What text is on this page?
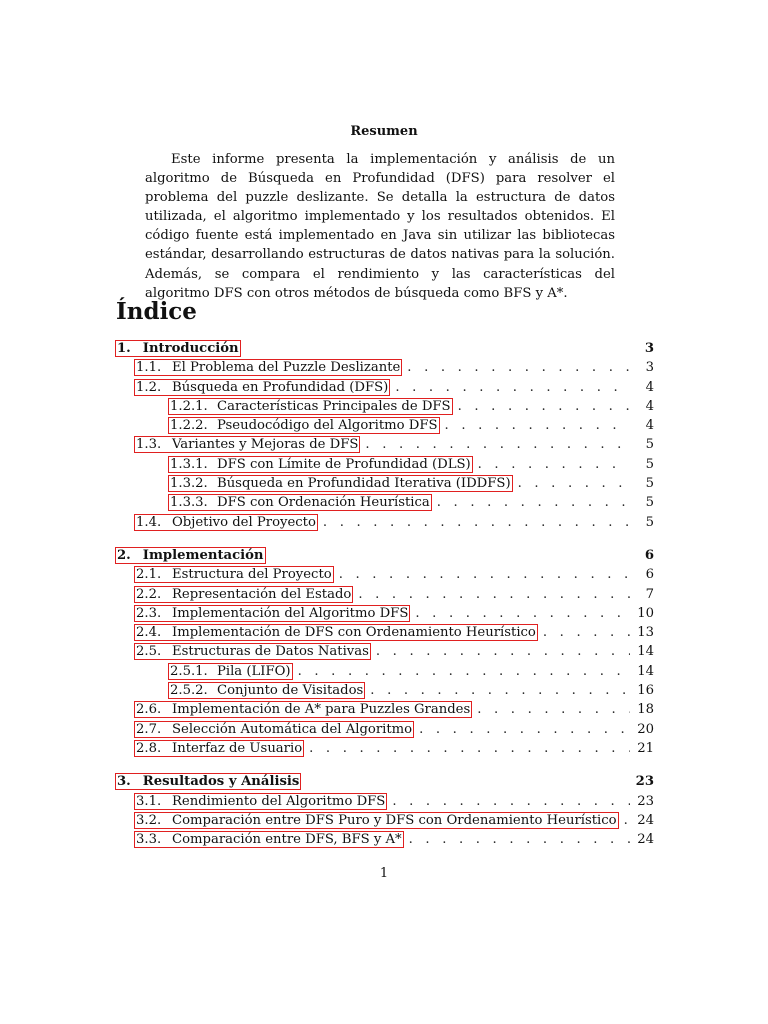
Resumen
Este informe presenta la implementación y análisis de un algoritmo de Búsqueda en Profundidad (DFS) para resolver el problema del puzzle deslizante. Se detalla la estructura de datos utilizada, el algoritmo implementado y los resultados obtenidos. El código fuente está implementado en Java sin utilizar las bibliotecas estándar, desarrollando estructuras de datos nativas para la solución. Además, se compara el rendimiento y las características del algoritmo DFS con otros métodos de búsqueda como BFS y A*.
Índice
1. Introducción	3
1.1. El Problema del Puzzle Deslizante . . .	3
1.2. Búsqueda en Profundidad (DFS) . . .	4
1.2.1. Características Principales de DFS . . .	4
1.2.2. Pseudocódigo del Algoritmo DFS . . .	4
1.3. Variantes y Mejoras de DFS . . .	5
1.3.1. DFS con Límite de Profundidad (DLS) . . .	5
1.3.2. Búsqueda en Profundidad Iterativa (IDDFS) . . .	5
1.3.3. DFS con Ordenación Heurística . . .	5
1.4. Objetivo del Proyecto . . .	5
2. Implementación	6
2.1. Estructura del Proyecto . . .	6
2.2. Representación del Estado . . .	7
2.3. Implementación del Algoritmo DFS . . .	10
2.4. Implementación de DFS con Ordenamiento Heurístico . . .	13
2.5. Estructuras de Datos Nativas . . .	14
2.5.1. Pila (LIFO) . . .	14
2.5.2. Conjunto de Visitados . . .	16
2.6. Implementación de A* para Puzzles Grandes . . .	18
2.7. Selección Automática del Algoritmo . . .	20
2.8. Interfaz de Usuario . . .	21
3. Resultados y Análisis	23
3.1. Rendimiento del Algoritmo DFS . . .	23
3.2. Comparación entre DFS Puro y DFS con Ordenamiento Heurístico . . . 24
3.3. Comparación entre DFS, BFS y A* . . .	24
1
